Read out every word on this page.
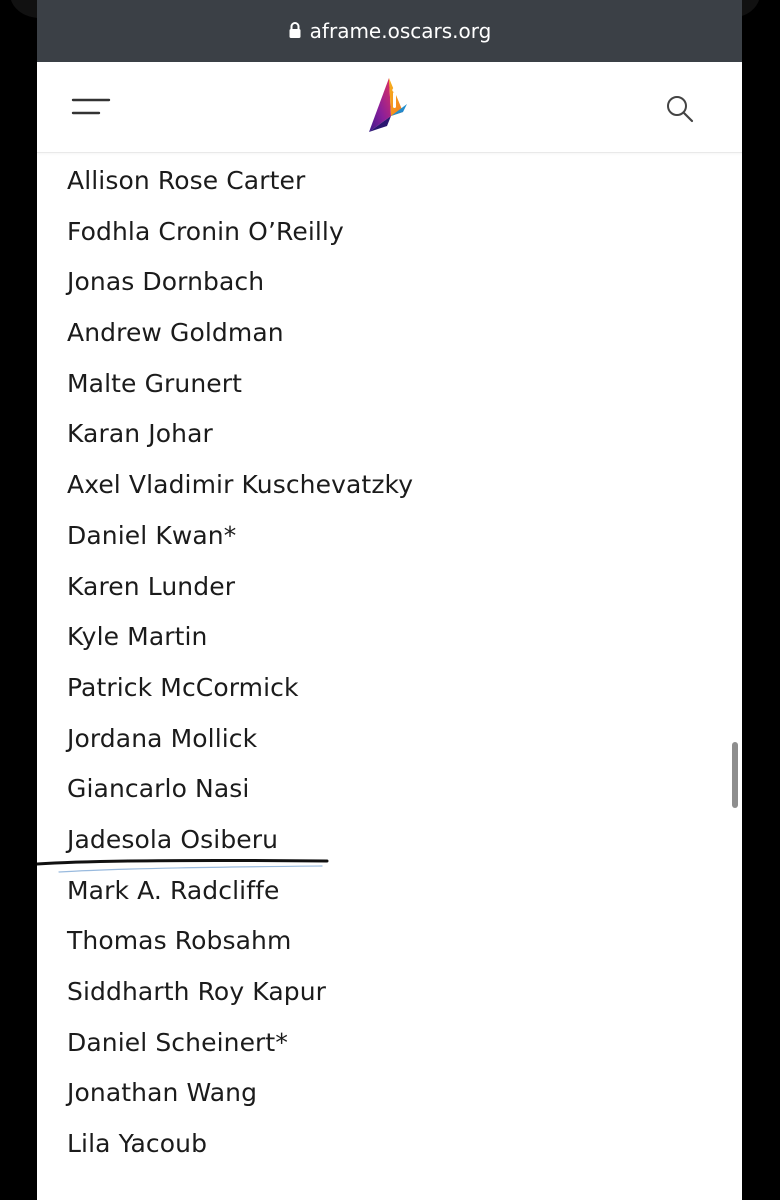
aframe.oscars.org
Allison Rose Carter
Fodhla Cronin O’Reilly
Jonas Dornbach
Andrew Goldman
Malte Grunert
Karan Johar
Axel Vladimir Kuschevatzky
Daniel Kwan*
Karen Lunder
Kyle Martin
Patrick McCormick
Jordana Mollick
Giancarlo Nasi
Jadesola Osiberu
Mark A. Radcliffe
Thomas Robsahm
Siddharth Roy Kapur
Daniel Scheinert*
Jonathan Wang
Lila Yacoub
